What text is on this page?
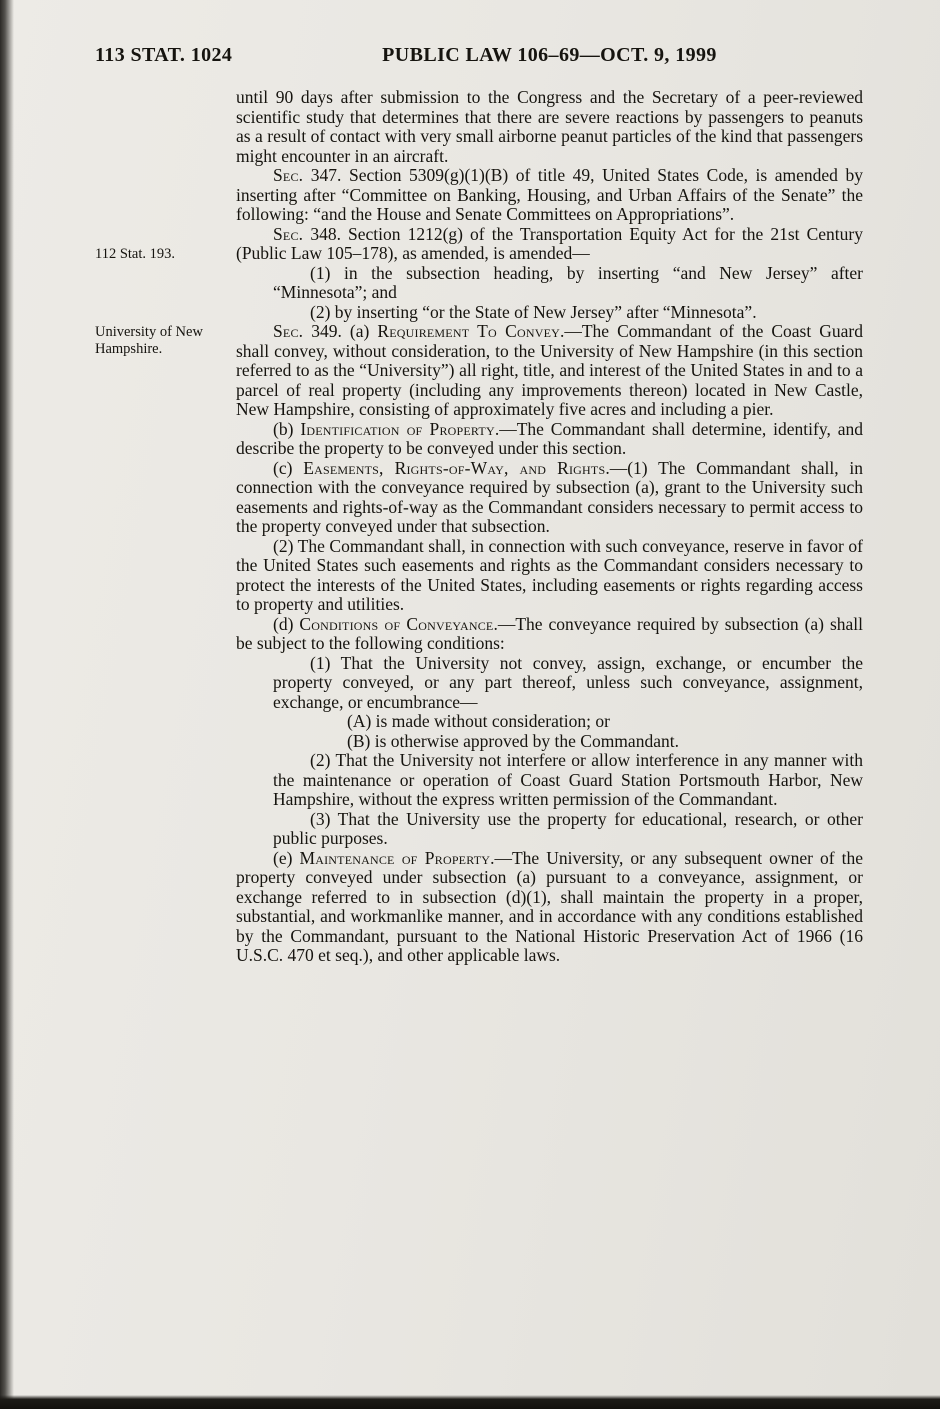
113 STAT. 1024	PUBLIC LAW 106–69—OCT. 9, 1999

until 90 days after submission to the Congress and the Secretary of a peer-reviewed scientific study that determines that there are severe reactions by passengers to peanuts as a result of contact with very small airborne peanut particles of the kind that passengers might encounter in an aircraft.

Sec. 347. Section 5309(g)(1)(B) of title 49, United States Code, is amended by inserting after “Committee on Banking, Housing, and Urban Affairs of the Senate” the following: “and the House and Senate Committees on Appropriations”.

112 Stat. 193.
Sec. 348. Section 1212(g) of the Transportation Equity Act for the 21st Century (Public Law 105–178), as amended, is amended—

(1) in the subsection heading, by inserting “and New Jersey” after “Minnesota”; and

(2) by inserting “or the State of New Jersey” after “Minnesota”.

University of New Hampshire.
Sec. 349. (a) Requirement To Convey.—The Commandant of the Coast Guard shall convey, without consideration, to the University of New Hampshire (in this section referred to as the “University”) all right, title, and interest of the United States in and to a parcel of real property (including any improvements thereon) located in New Castle, New Hampshire, consisting of approximately five acres and including a pier.

(b) Identification of Property.—The Commandant shall determine, identify, and describe the property to be conveyed under this section.

(c) Easements, Rights-of-Way, and Rights.—(1) The Commandant shall, in connection with the conveyance required by subsection (a), grant to the University such easements and rights-of-way as the Commandant considers necessary to permit access to the property conveyed under that subsection.

(2) The Commandant shall, in connection with such conveyance, reserve in favor of the United States such easements and rights as the Commandant considers necessary to protect the interests of the United States, including easements or rights regarding access to property and utilities.

(d) Conditions of Conveyance.—The conveyance required by subsection (a) shall be subject to the following conditions:

(1) That the University not convey, assign, exchange, or encumber the property conveyed, or any part thereof, unless such conveyance, assignment, exchange, or encumbrance—

(A) is made without consideration; or

(B) is otherwise approved by the Commandant.

(2) That the University not interfere or allow interference in any manner with the maintenance or operation of Coast Guard Station Portsmouth Harbor, New Hampshire, without the express written permission of the Commandant.

(3) That the University use the property for educational, research, or other public purposes.

(e) Maintenance of Property.—The University, or any subsequent owner of the property conveyed under subsection (a) pursuant to a conveyance, assignment, or exchange referred to in subsection (d)(1), shall maintain the property in a proper, substantial, and workmanlike manner, and in accordance with any conditions established by the Commandant, pursuant to the National Historic Preservation Act of 1966 (16 U.S.C. 470 et seq.), and other applicable laws.
